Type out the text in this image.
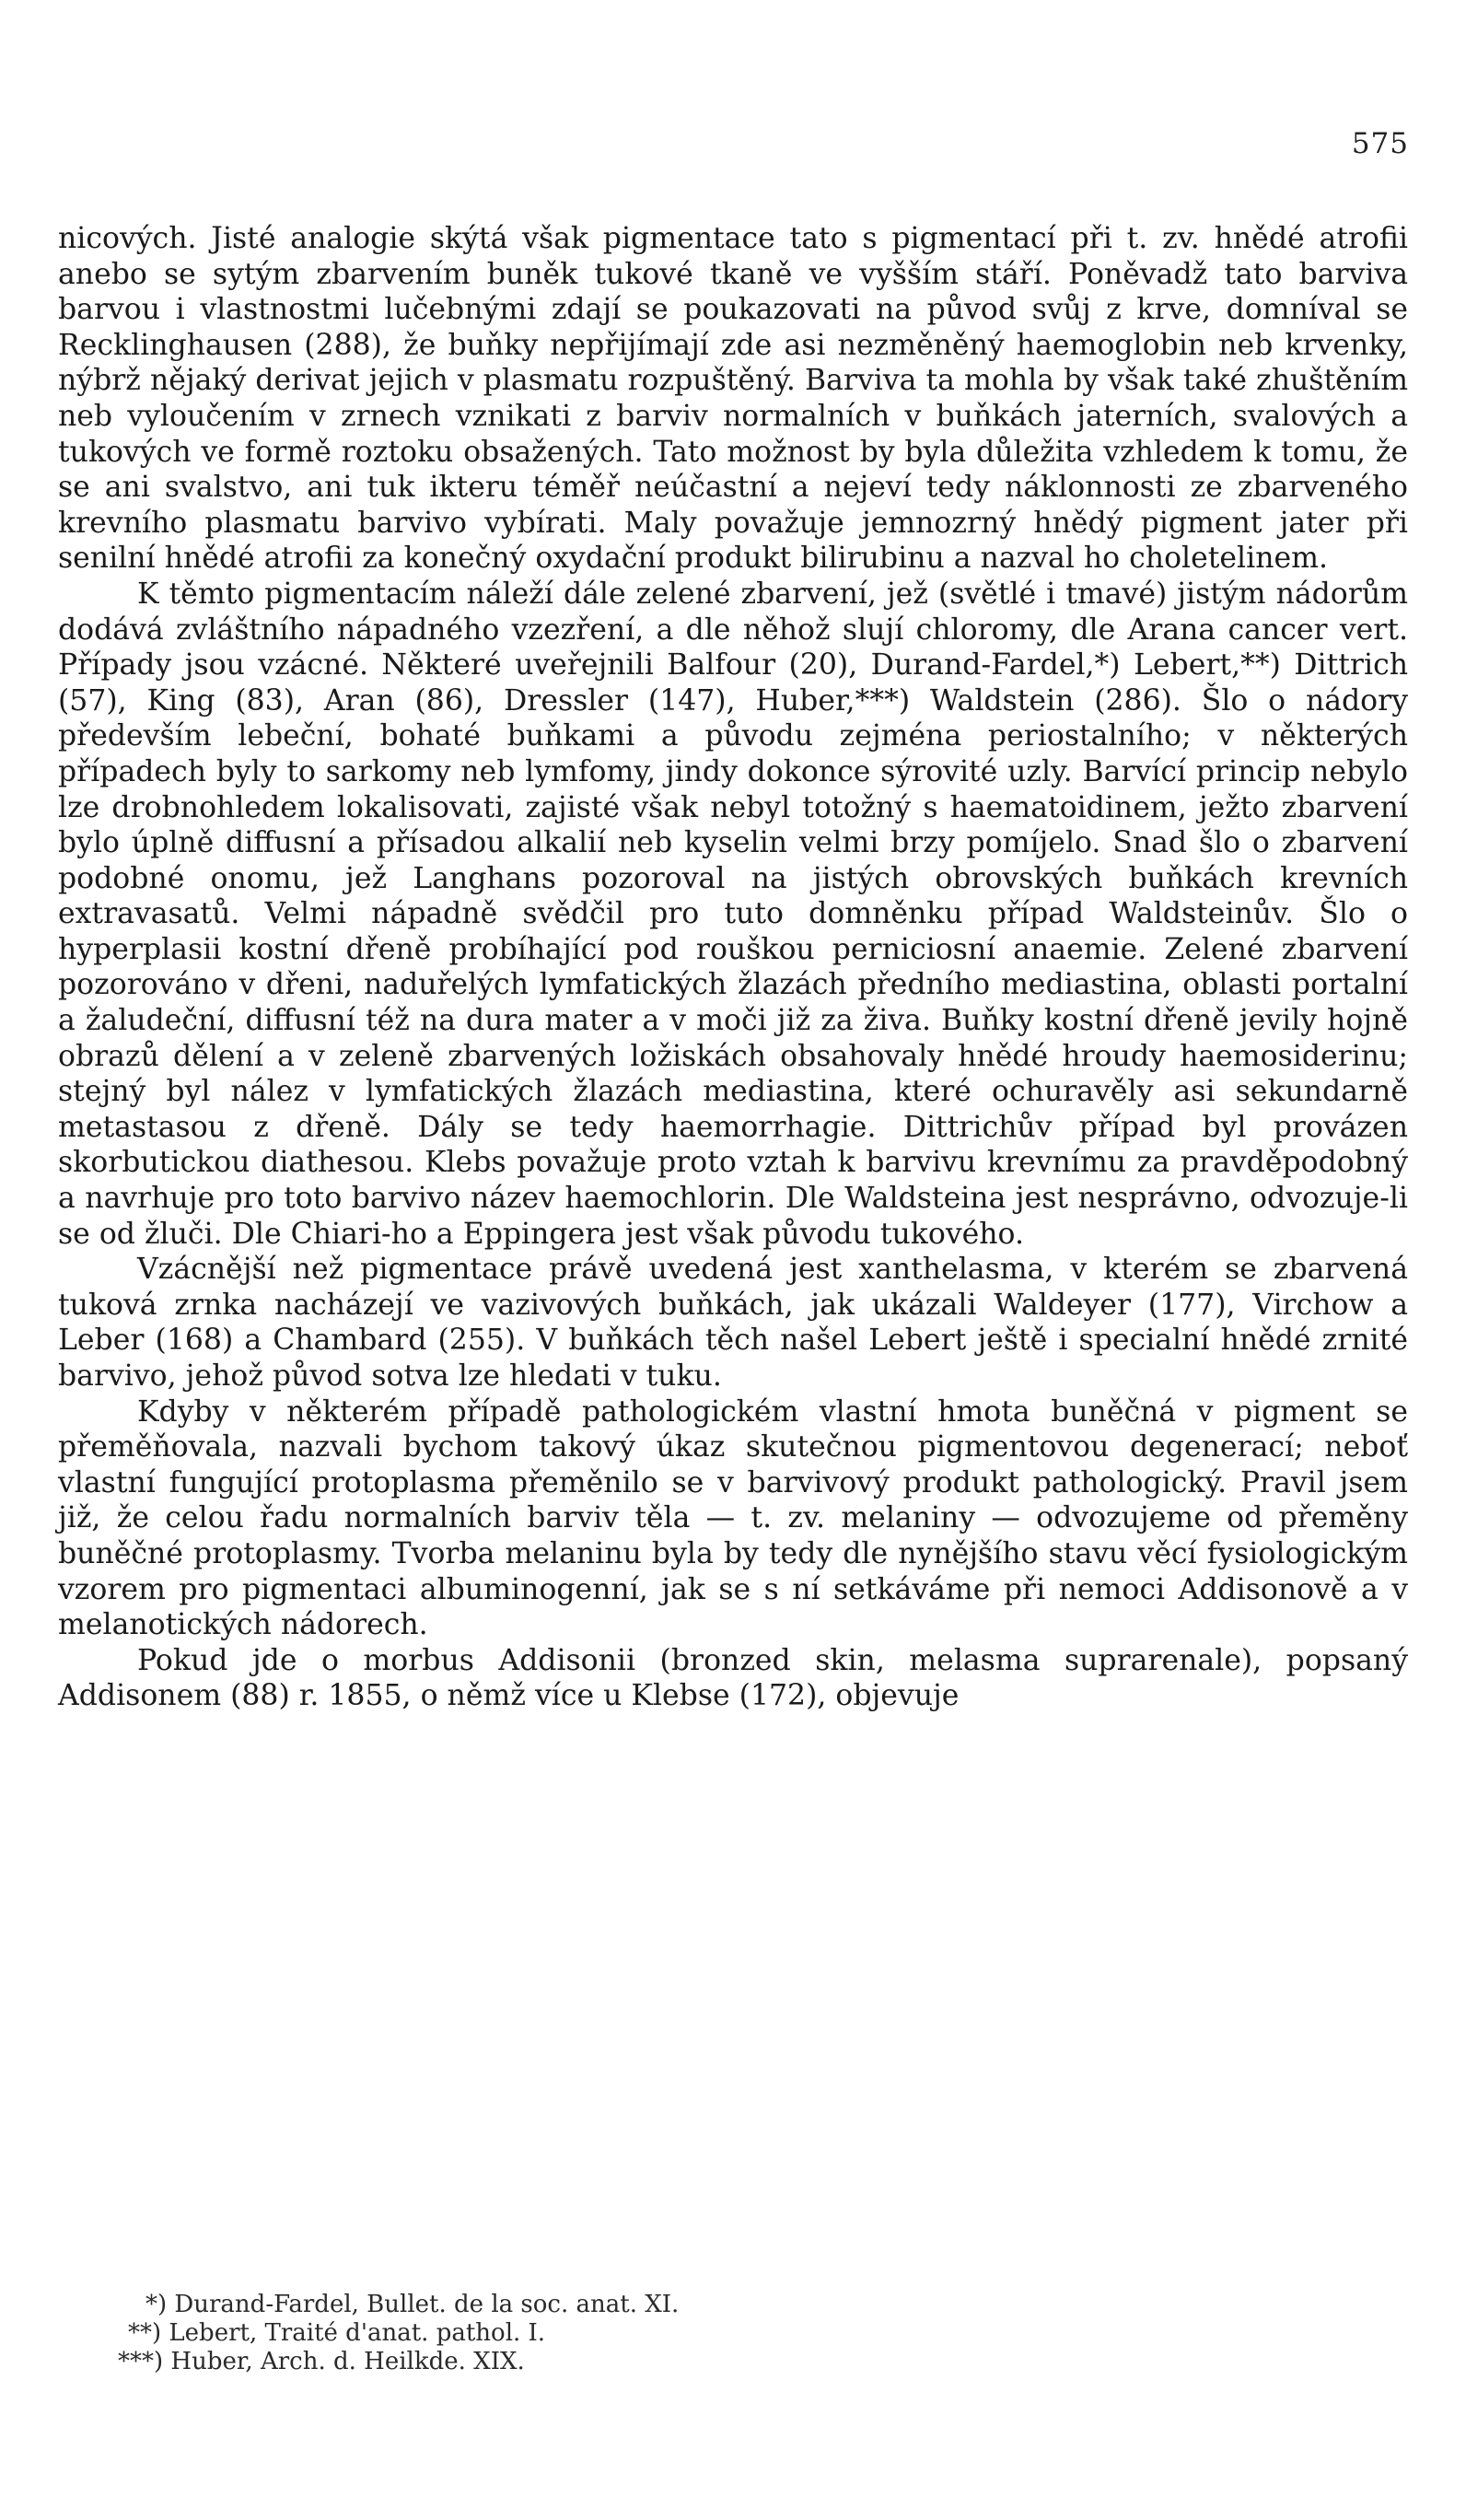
575

nicových. Jisté analogie skýtá však pigmentace tato s pigmentací při t. zv. hnědé atrofii anebo se sytým zbarvením buněk tukové tkaně ve vyšším stáří. Poněvadž tato barviva barvou i vlastnostmi lučebnými zdají se poukazovati na původ svůj z krve, domníval se Recklinghausen (288), že buňky nepřijímají zde asi nezměněný haemoglobin neb krvenky, nýbrž nějaký derivat jejich v plasmatu rozpuštěný. Barviva ta mohla by však také zhuštěním neb vyloučením v zrnech vznikati z barviv normalních v buňkách jaterních, svalových a tukových ve formě roztoku obsažených. Tato možnost by byla důležita vzhledem k tomu, že se ani svalstvo, ani tuk ikteru téměř neúčastní a nejeví tedy náklonnosti ze zbarveného krevního plasmatu barvivo vybírati. Maly považuje jemnozrný hnědý pigment jater při senilní hnědé atrofii za konečný oxydační produkt bilirubinu a nazval ho choletelinem.

K těmto pigmentacím náleží dále zelené zbarvení, jež (světlé i tmavé) jistým nádorům dodává zvláštního nápadného vzezření, a dle něhož slují chloromy, dle Arana cancer vert. Případy jsou vzácné. Některé uveřejnili Balfour (20), Durand-Fardel,*) Lebert,**) Dittrich (57), King (83), Aran (86), Dressler (147), Huber,***) Waldstein (286). Šlo o nádory především lebeční, bohaté buňkami a původu zejména periostalního; v některých případech byly to sarkomy neb lymfomy, jindy dokonce sýrovité uzly. Barvící princip nebylo lze drobnohledem lokalisovati, zajisté však nebyl totožný s haematoidinem, ježto zbarvení bylo úplně diffusní a přísadou alkalií neb kyselin velmi brzy pomíjelo. Snad šlo o zbarvení podobné onomu, jež Langhans pozoroval na jistých obrovských buňkách krevních extravasatů. Velmi nápadně svědčil pro tuto domněnku případ Waldsteinův. Šlo o hyperplasii kostní dřeně probíhající pod rouškou perniciosní anaemie. Zelené zbarvení pozorováno v dřeni, naduřelých lymfatických žlazách předního mediastina, oblasti portalní a žaludeční, diffusní též na dura mater a v moči již za živa. Buňky kostní dřeně jevily hojně obrazů dělení a v zeleně zbarvených ložiskách obsahovaly hnědé hroudy haemosiderinu; stejný byl nález v lymfatických žlazách mediastina, které ochuravěly asi sekundarně metastasou z dřeně. Dály se tedy haemorrhagie. Dittrichův případ byl provázen skorbutickou diathesou. Klebs považuje proto vztah k barvivu krevnímu za pravděpodobný a navrhuje pro toto barvivo název haemochlorin. Dle Waldsteina jest nesprávno, odvozuje-li se od žluči. Dle Chiari-ho a Eppingera jest však původu tukového.

Vzácnější než pigmentace právě uvedená jest xanthelasma, v kterém se zbarvená tuková zrnka nacházejí ve vazivových buňkách, jak ukázali Waldeyer (177), Virchow a Leber (168) a Chambard (255). V buňkách těch našel Lebert ještě i specialní hnědé zrnité barvivo, jehož původ sotva lze hledati v tuku.

Kdyby v některém případě pathologickém vlastní hmota buněčná v pigment se přeměňovala, nazvali bychom takový úkaz skutečnou pigmentovou degenerací; neboť vlastní fungující protoplasma přeměnilo se v barvivový produkt pathologický. Pravil jsem již, že celou řadu normalních barviv těla — t. zv. melaniny — odvozujeme od přeměny buněčné protoplasmy. Tvorba melaninu byla by tedy dle nynějšího stavu věcí fysiologickým vzorem pro pigmentaci albuminogenní, jak se s ní setkáváme při nemoci Addisonově a v melanotických nádorech.

Pokud jde o morbus Addisonii (bronzed skin, melasma suprarenale), popsaný Addisonem (88) r. 1855, o němž více u Klebse (172), objevuje

*) Durand-Fardel, Bullet. de la soc. anat. XI.
**) Lebert, Traité d'anat. pathol. I.
***) Huber, Arch. d. Heilkde. XIX.
